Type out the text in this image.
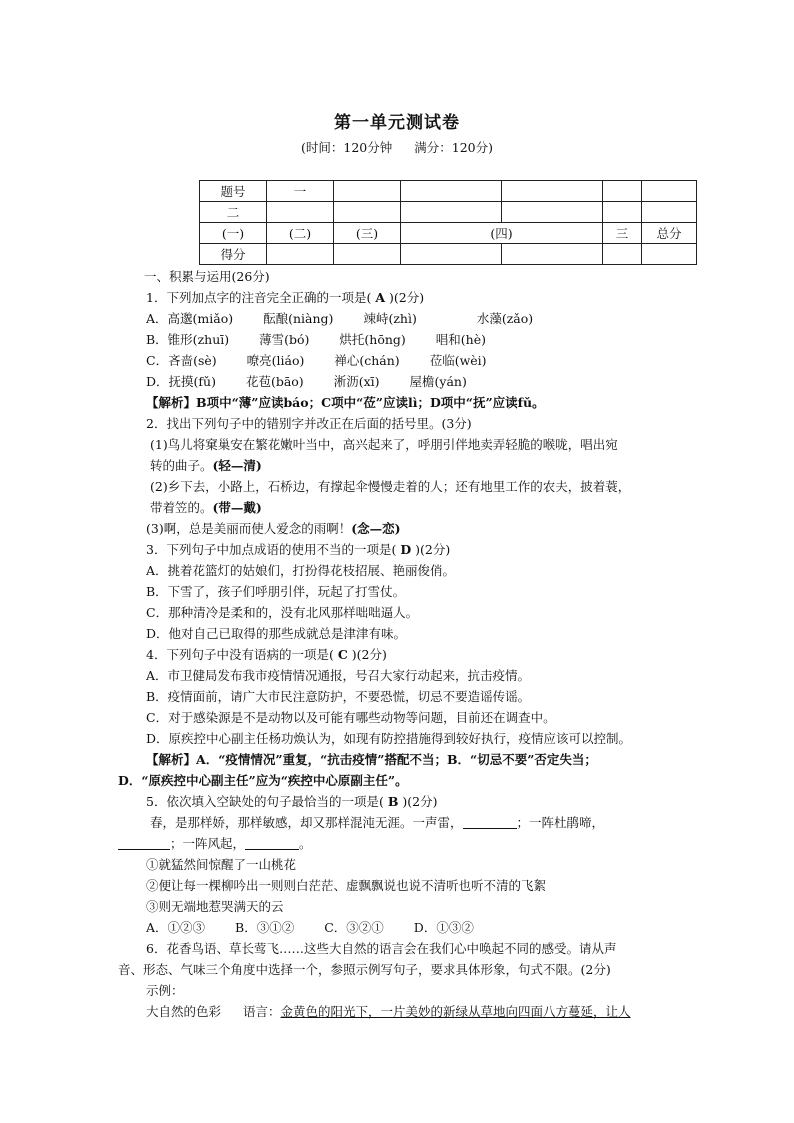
第一单元测试卷
(时间：120分钟 满分：120分)
题号	一					
二						
(一)	(二)	(三)	(四)		三	总分
得分						
一、积累与运用(26分)
1．下列加点字的注音完全正确的一项是( A )(2分)
A．高邈(miǎo) 酝酿(niàng) 竦峙(zhì)	水藻(zǎo)
B．锥形(zhuī) 薄雪(bó) 烘托(hōng) 唱和(hè)
C．吝啬(sè) 嘹亮(liáo) 禅心(chán) 莅临(wèi)
D．抚摸(fǔ) 花苞(bāo) 淅沥(xī) 屋檐(yán)
【解析】B项中“薄”应读báo；C项中“莅”应读lì；D项中“抚”应读fǔ。
2．找出下列句子中的错别字并改正在后面的括号里。(3分)
(1)鸟儿将窠巢安在繁花嫩叶当中，高兴起来了，呼朋引伴地卖弄轻脆的喉咙，唱出宛
转的曲子。(轻—清)
(2)乡下去，小路上，石桥边，有撑起伞慢慢走着的人；还有地里工作的农夫，披着蓑，
带着笠的。(带—戴)
(3)啊，总是美丽而使人爱念的雨啊！(念—恋)
3．下列句子中加点成语的使用不当的一项是( D )(2分)
A．挑着花篮灯的姑娘们，打扮得花枝招展、艳丽俊俏。
B．下雪了，孩子们呼朋引伴，玩起了打雪仗。
C．那种清冷是柔和的，没有北风那样咄咄逼人。
D．他对自己已取得的那些成就总是津津有味。
4．下列句子中没有语病的一项是( C )(2分)
A．市卫健局发布我市疫情情况通报，号召大家行动起来，抗击疫情。
B．疫情面前，请广大市民注意防护，不要恐慌，切忌不要造谣传谣。
C．对于感染源是不是动物以及可能有哪些动物等问题，目前还在调查中。
D．原疾控中心副主任杨功焕认为，如现有防控措施得到较好执行，疫情应该可以控制。
【解析】A．“疫情情况”重复，“抗击疫情”搭配不当；B．“切忌不要”否定失当；
D．“原疾控中心副主任”应为“疾控中心原副主任”。
5．依次填入空缺处的句子最恰当的一项是( B )(2分)
春，是那样娇，那样敏感，却又那样混沌无涯。一声雷，	；一阵杜鹃啼，
；一阵风起，	。
①就猛然间惊醒了一山桃花
②便让每一棵柳吟出一则则白茫茫、虚飘飘说也说不清听也听不清的飞絮
③则无端地惹哭满天的云
A．①②③ B．③①② C．③②① D．①③②
6．花香鸟语、草长莺飞……这些大自然的语言会在我们心中唤起不同的感受。请从声
音、形态、气味三个角度中选择一个，参照示例写句子，要求具体形象，句式不限。(2分)
示例：
大自然的色彩 语言：金黄色的阳光下，一片美妙的新绿从草地向四面八方蔓延，让人
